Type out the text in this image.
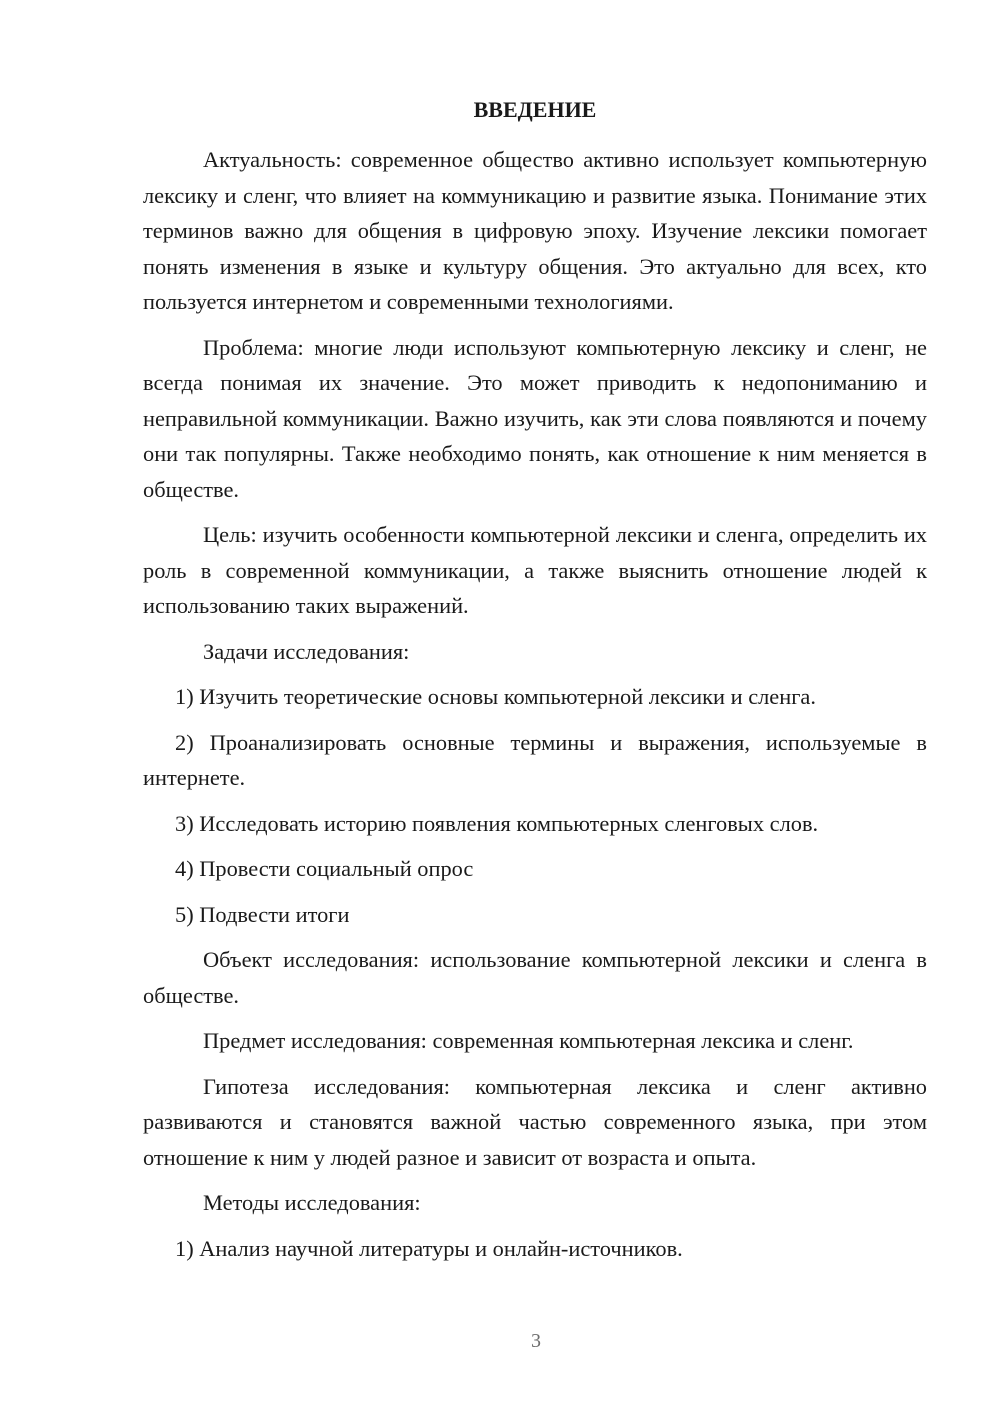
ВВЕДЕНИЕ

Актуальность: современное общество активно использует компьютерную лексику и сленг, что влияет на коммуникацию и развитие языка. Понимание этих терминов важно для общения в цифровую эпоху. Изучение лексики помогает понять изменения в языке и культуру общения. Это актуально для всех, кто пользуется интернетом и современными технологиями.

Проблема: многие люди используют компьютерную лексику и сленг, не всегда понимая их значение. Это может приводить к недопониманию и неправильной коммуникации. Важно изучить, как эти слова появляются и почему они так популярны. Также необходимо понять, как отношение к ним меняется в обществе.

Цель: изучить особенности компьютерной лексики и сленга, определить их роль в современной коммуникации, а также выяснить отношение людей к использованию таких выражений.

Задачи исследования:

1) Изучить теоретические основы компьютерной лексики и сленга.

2) Проанализировать основные термины и выражения, используемые в интернете.

3) Исследовать историю появления компьютерных сленговых слов.

4) Провести социальный опрос

5) Подвести итоги

Объект исследования: использование компьютерной лексики и сленга в обществе.

Предмет исследования: современная компьютерная лексика и сленг.

Гипотеза исследования: компьютерная лексика и сленг активно развиваются и становятся важной частью современного языка, при этом отношение к ним у людей разное и зависит от возраста и опыта.

Методы исследования:

1) Анализ научной литературы и онлайн-источников.

3
